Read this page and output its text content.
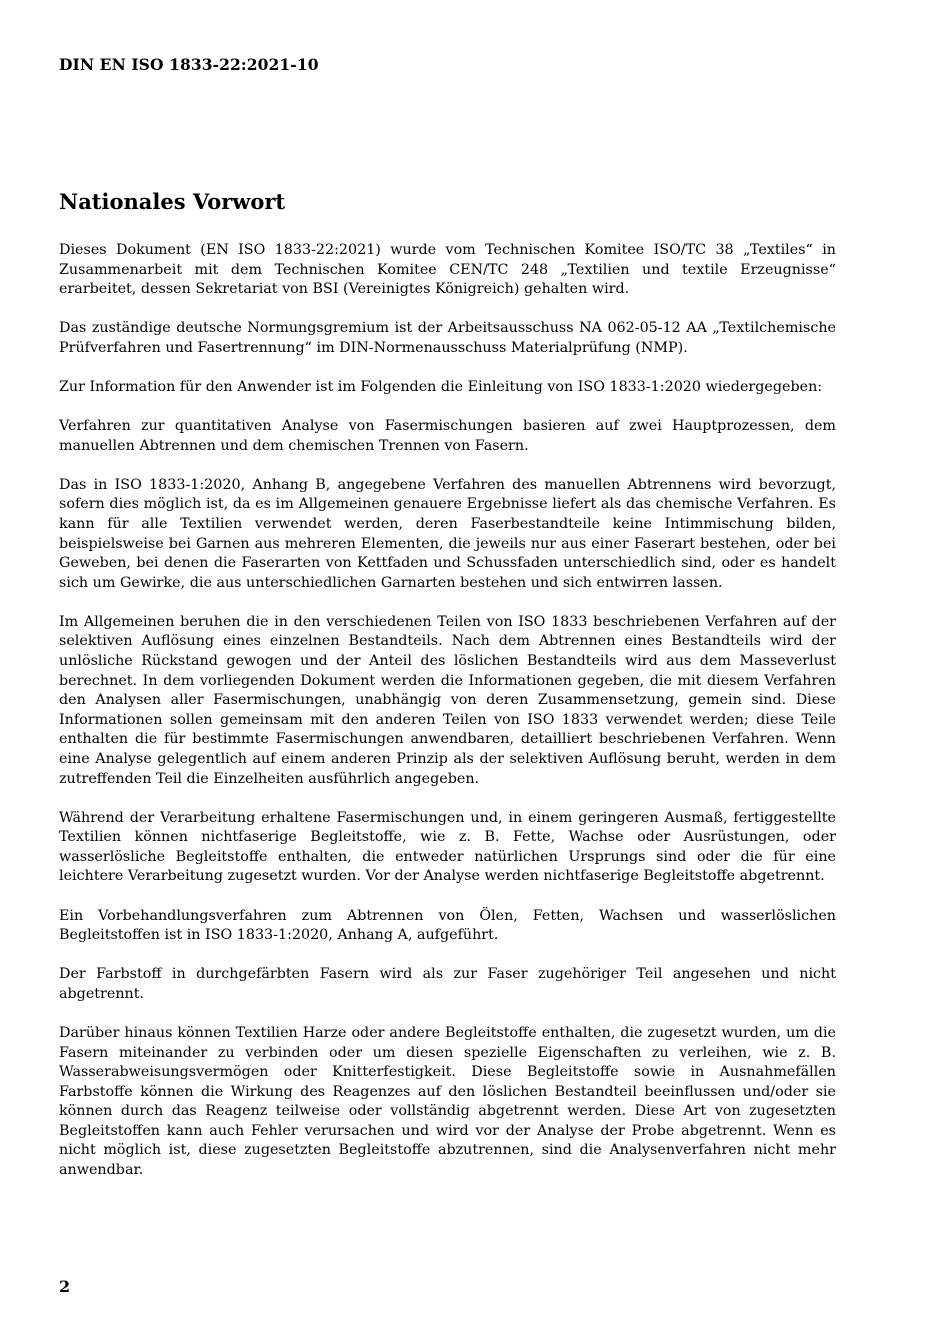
DIN EN ISO 1833-22:2021-10
Nationales Vorwort

Dieses Dokument (EN ISO 1833-22:2021) wurde vom Technischen Komitee ISO/TC 38 „Textiles“ in Zusammenarbeit mit dem Technischen Komitee CEN/TC 248 „Textilien und textile Erzeugnisse“ erarbeitet, dessen Sekretariat von BSI (Vereinigtes Königreich) gehalten wird.

Das zuständige deutsche Normungsgremium ist der Arbeitsausschuss NA 062-05-12 AA „Textilchemische Prüfverfahren und Fasertrennung“ im DIN-Normenausschuss Materialprüfung (NMP).

Zur Information für den Anwender ist im Folgenden die Einleitung von ISO 1833-1:2020 wiedergegeben:

Verfahren zur quantitativen Analyse von Fasermischungen basieren auf zwei Hauptprozessen, dem manuellen Abtrennen und dem chemischen Trennen von Fasern.

Das in ISO 1833-1:2020, Anhang B, angegebene Verfahren des manuellen Abtrennens wird bevorzugt, sofern dies möglich ist, da es im Allgemeinen genauere Ergebnisse liefert als das chemische Verfahren. Es kann für alle Textilien verwendet werden, deren Faserbestandteile keine Intimmischung bilden, beispielsweise bei Garnen aus mehreren Elementen, die jeweils nur aus einer Faserart bestehen, oder bei Geweben, bei denen die Faserarten von Kettfaden und Schussfaden unterschiedlich sind, oder es handelt sich um Gewirke, die aus unterschiedlichen Garnarten bestehen und sich entwirren lassen.

Im Allgemeinen beruhen die in den verschiedenen Teilen von ISO 1833 beschriebenen Verfahren auf der selektiven Auflösung eines einzelnen Bestandteils. Nach dem Abtrennen eines Bestandteils wird der unlösliche Rückstand gewogen und der Anteil des löslichen Bestandteils wird aus dem Masseverlust berechnet. In dem vorliegenden Dokument werden die Informationen gegeben, die mit diesem Verfahren den Analysen aller Fasermischungen, unabhängig von deren Zusammensetzung, gemein sind. Diese Informationen sollen gemeinsam mit den anderen Teilen von ISO 1833 verwendet werden; diese Teile enthalten die für bestimmte Fasermischungen anwendbaren, detailliert beschriebenen Verfahren. Wenn eine Analyse gelegentlich auf einem anderen Prinzip als der selektiven Auflösung beruht, werden in dem zutreffenden Teil die Einzelheiten ausführlich angegeben.

Während der Verarbeitung erhaltene Fasermischungen und, in einem geringeren Ausmaß, fertiggestellte Textilien können nichtfaserige Begleitstoffe, wie z. B. Fette, Wachse oder Ausrüstungen, oder wasserlösliche Begleitstoffe enthalten, die entweder natürlichen Ursprungs sind oder die für eine leichtere Verarbeitung zugesetzt wurden. Vor der Analyse werden nichtfaserige Begleitstoffe abgetrennt.

Ein Vorbehandlungsverfahren zum Abtrennen von Ölen, Fetten, Wachsen und wasserlöslichen Begleitstoffen ist in ISO 1833-1:2020, Anhang A, aufgeführt.

Der Farbstoff in durchgefärbten Fasern wird als zur Faser zugehöriger Teil angesehen und nicht abgetrennt.

Darüber hinaus können Textilien Harze oder andere Begleitstoffe enthalten, die zugesetzt wurden, um die Fasern miteinander zu verbinden oder um diesen spezielle Eigenschaften zu verleihen, wie z. B. Wasserabweisungsvermögen oder Knitterfestigkeit. Diese Begleitstoffe sowie in Ausnahmefällen Farbstoffe können die Wirkung des Reagenzes auf den löslichen Bestandteil beeinflussen und/oder sie können durch das Reagenz teilweise oder vollständig abgetrennt werden. Diese Art von zugesetzten Begleitstoffen kann auch Fehler verursachen und wird vor der Analyse der Probe abgetrennt. Wenn es nicht möglich ist, diese zugesetzten Begleitstoffe abzutrennen, sind die Analysenverfahren nicht mehr anwendbar.

2
